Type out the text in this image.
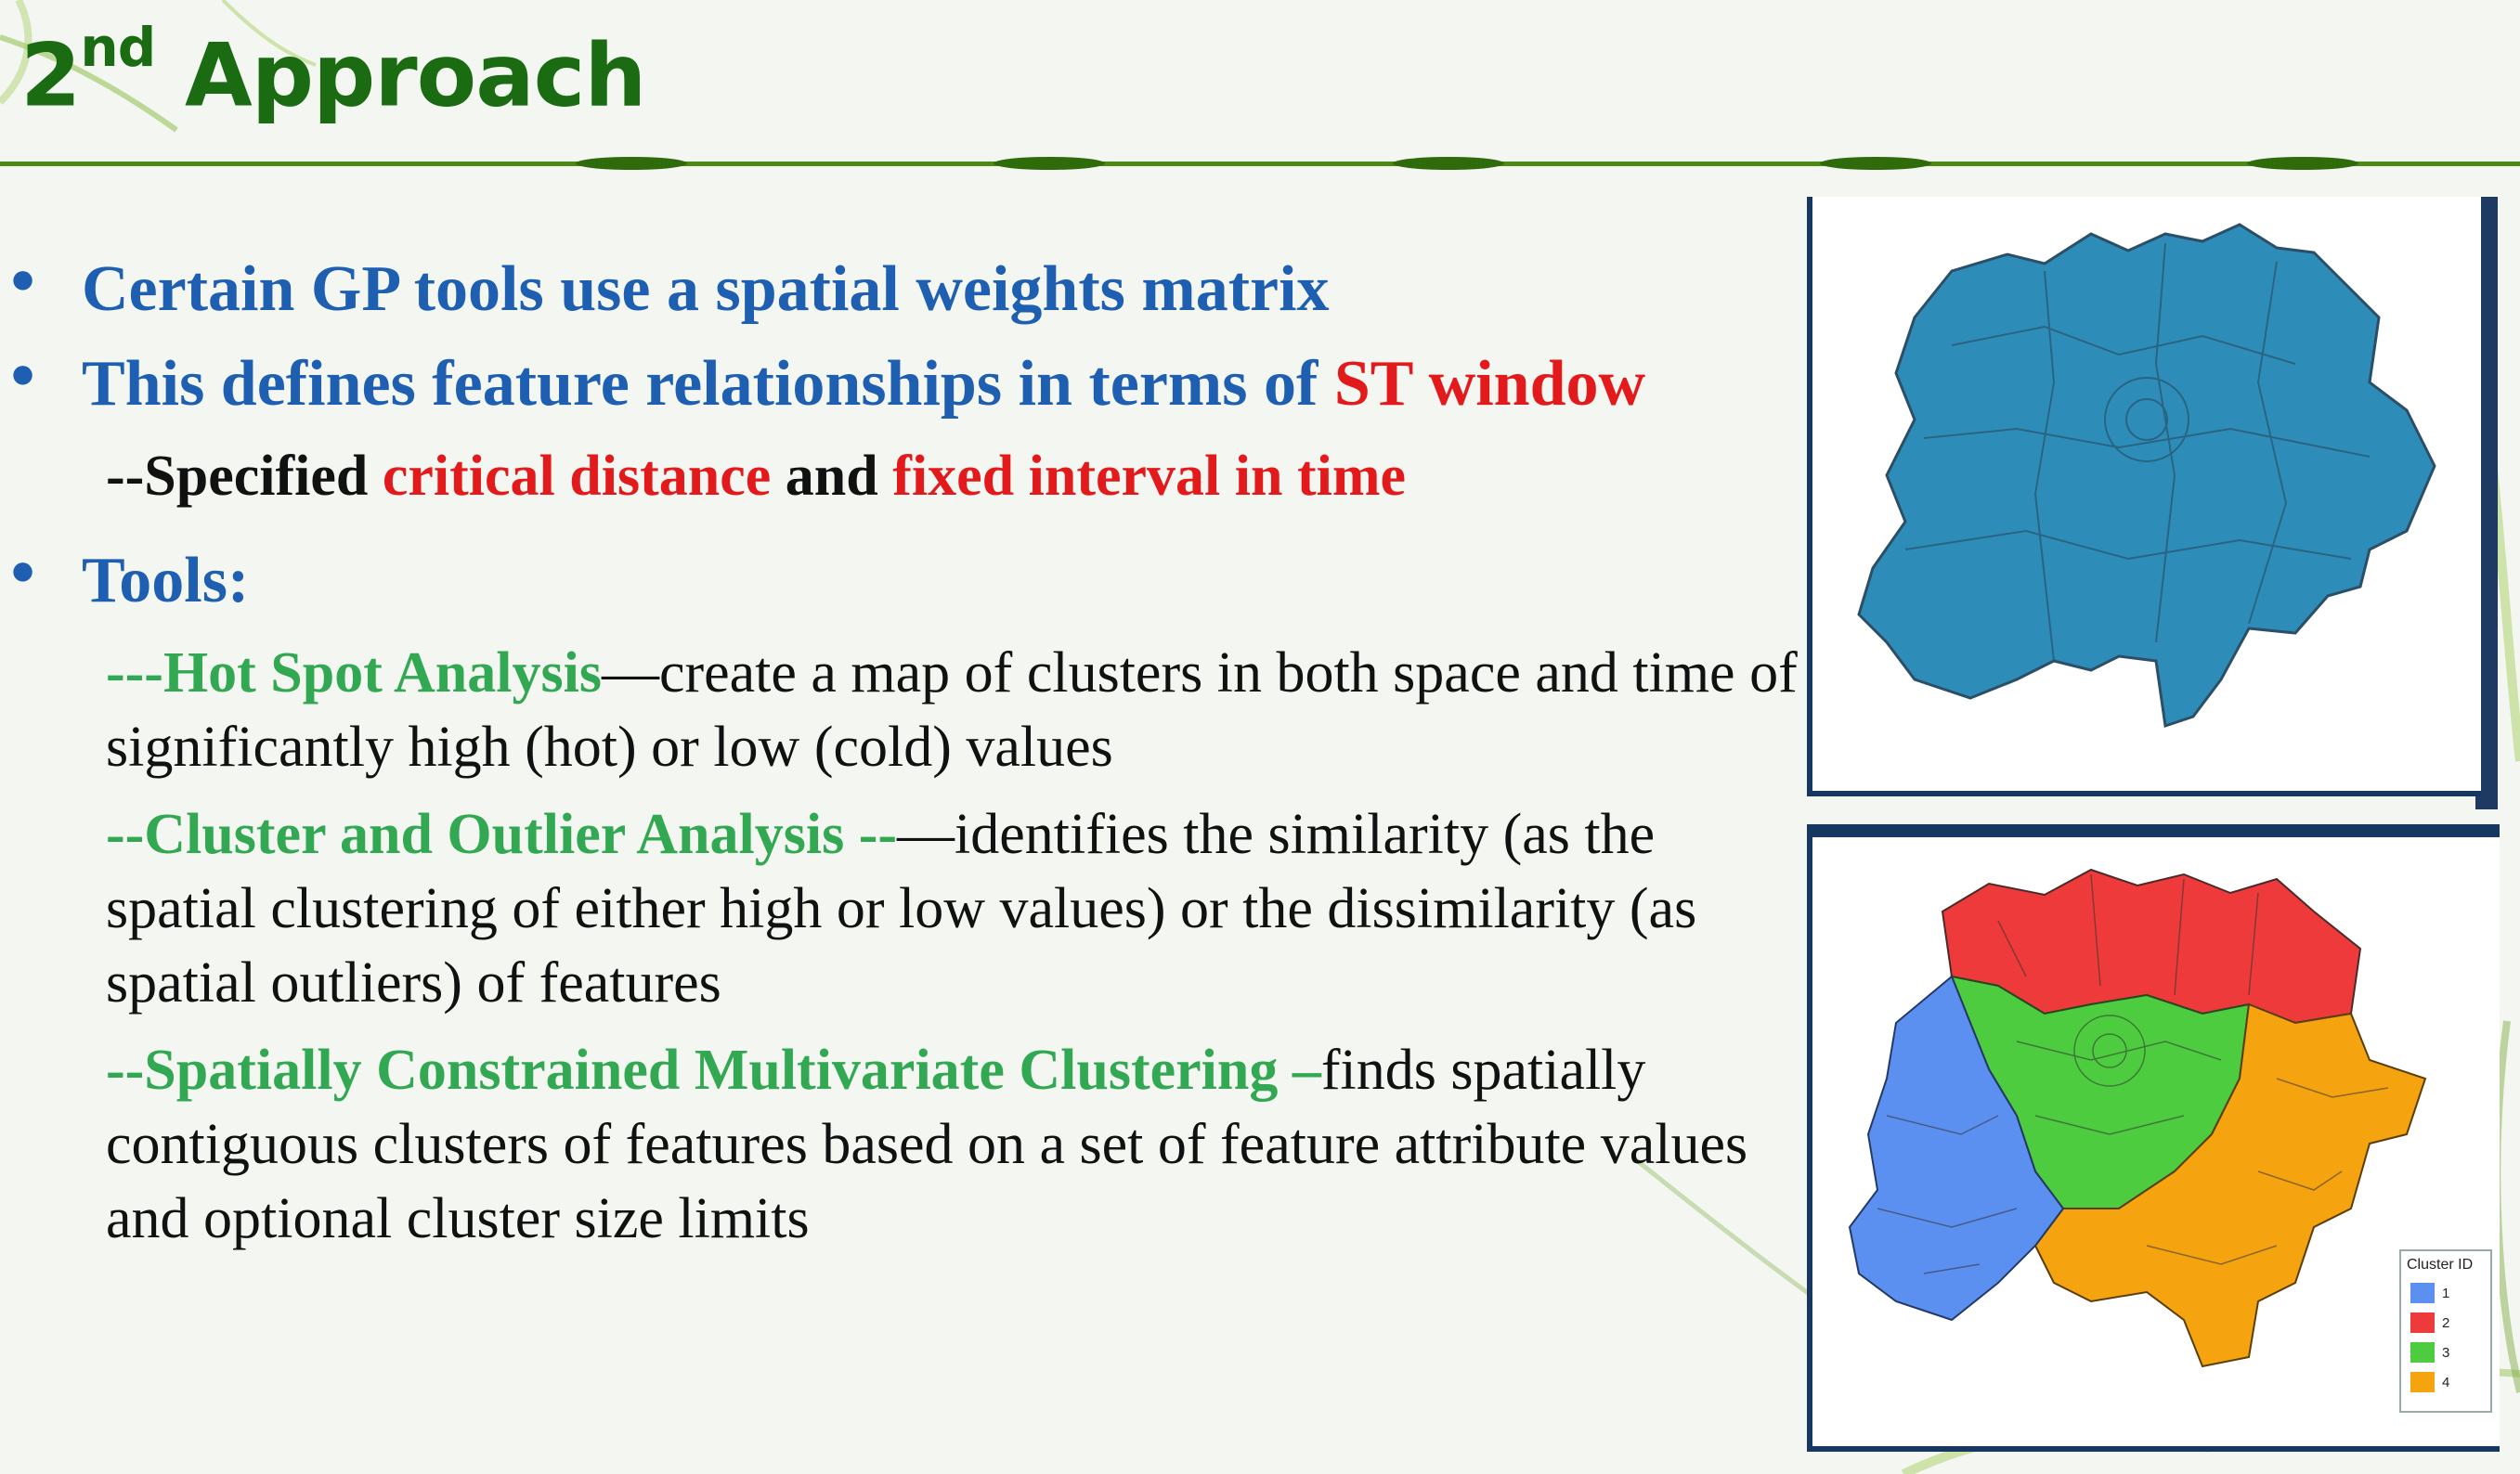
2nd Approach

• Certain GP tools use a spatial weights matrix

• This defines feature relationships in terms of ST window

--Specified critical distance and fixed interval in time

• Tools:

---Hot Spot Analysis—create a map of clusters in both space and time of significantly high (hot) or low (cold) values

--Cluster and Outlier Analysis --—identifies the similarity (as the spatial clustering of either high or low values) or the dissimilarity (as spatial outliers) of features

--Spatially Constrained Multivariate Clustering –finds spatially contiguous clusters of features based on a set of feature attribute values and optional cluster size limits

Cluster ID
1
2
3
4
